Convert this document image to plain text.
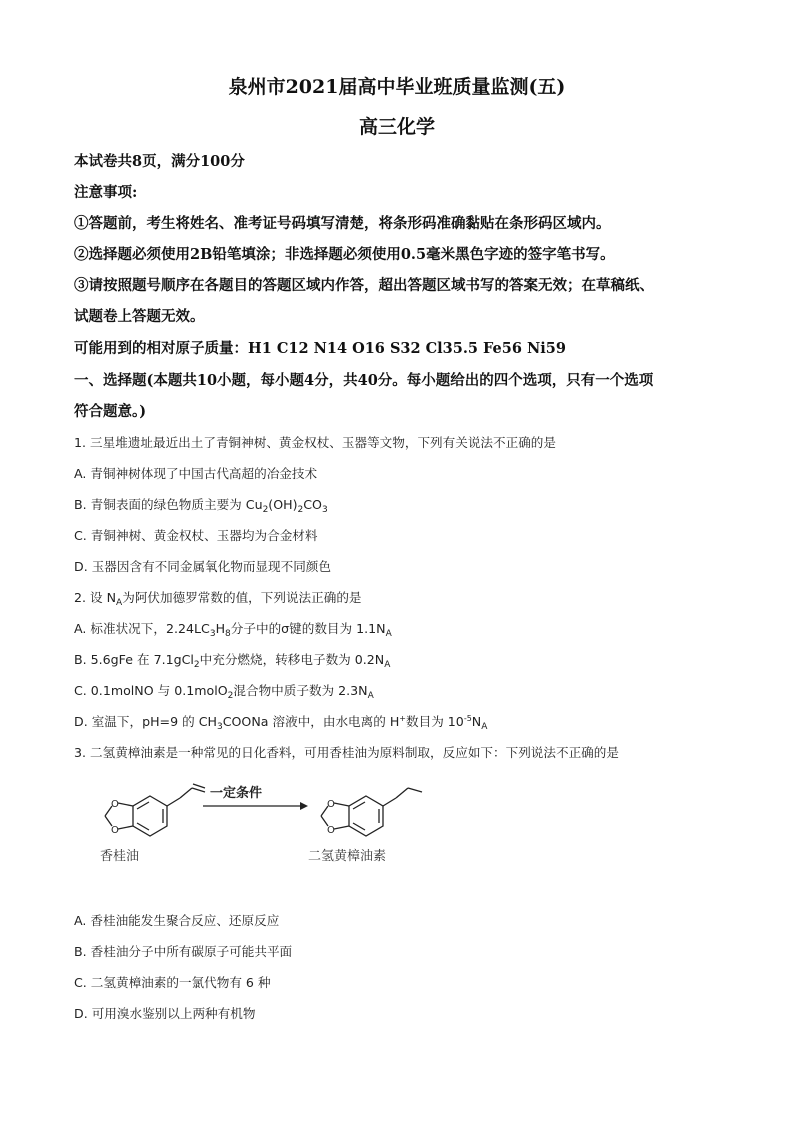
泉州市2021届高中毕业班质量监测(五)
高三化学
本试卷共8页，满分100分
注意事项:
①答题前，考生将姓名、准考证号码填写清楚，将条形码准确黏贴在条形码区域内。
②选择题必须使用2B铅笔填涂；非选择题必须使用0.5毫米黑色字迹的签字笔书写。
③请按照题号顺序在各题目的答题区域内作答，超出答题区域书写的答案无效；在草稿纸、
试题卷上答题无效。
可能用到的相对原子质量：H1 C12 N14 O16 S32 Cl35.5 Fe56 Ni59
一、选择题(本题共10小题，每小题4分，共40分。每小题给出的四个选项，只有一个选项
符合题意。)
1. 三星堆遗址最近出土了青铜神树、黄金权杖、玉器等文物，下列有关说法不正确的是
A. 青铜神树体现了中国古代高超的冶金技术
B. 青铜表面的绿色物质主要为 $Cu_2(OH)_2CO_3$
C. 青铜神树、黄金权杖、玉器均为合金材料
D. 玉器因含有不同金属氧化物而显现不同颜色
2. 设 $N_A$为阿伏加德罗常数的值，下列说法正确的是
A. 标准状况下，$2.24LC_3H_8$分子中的σ键的数目为 $1.1N_A$
B. 5.6gFe 在 7.1gCl$_2$中充分燃烧，转移电子数为 $0.2N_A$
C. 0.1molNO 与 0.1molO$_2$混合物中质子数为 $2.3N_A$
D. 室温下，pH=9 的 $CH_3COONa$ 溶液中，由水电离的 H+数目为 $10^{-5}N_A$
3. 二氢黄樟油素是一种常见的日化香料，可用香桂油为原料制取，反应如下：下列说法不正确的是
O
O
一定条件
O
O
香桂油	二氢黄樟油素
A. 香桂油能发生聚合反应、还原反应
B. 香桂油分子中所有碳原子可能共平面
C. 二氢黄樟油素的一氯代物有 6 种
D. 可用溴水鉴别以上两种有机物
